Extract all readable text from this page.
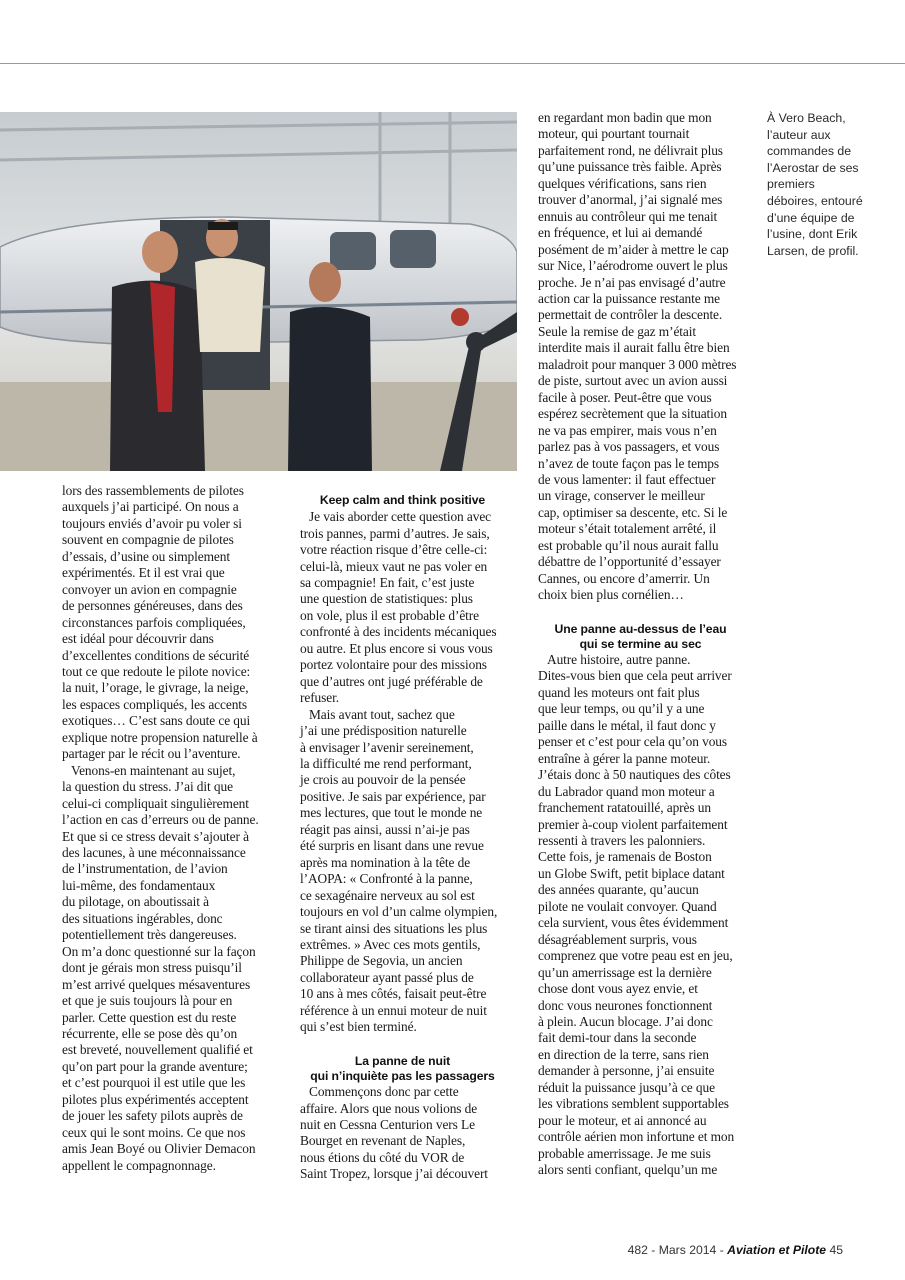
À Vero Beach, l’auteur aux commandes de l’Aerostar de ses premiers déboires, entouré d’une équipe de l’usine, dont Erik Larsen, de profil.

lors des rassemblements de pilotes
auxquels j’ai participé. On nous a
toujours enviés d’avoir pu voler si
souvent en compagnie de pilotes
d’essais, d’usine ou simplement
expérimentés. Et il est vrai que
convoyer un avion en compagnie
de personnes généreuses, dans des
circonstances parfois compliquées,
est idéal pour découvrir dans
d’excellentes conditions de sécurité
tout ce que redoute le pilote novice:
la nuit, l’orage, le givrage, la neige,
les espaces compliqués, les accents
exotiques… C’est sans doute ce qui
explique notre propension naturelle à
partager par le récit ou l’aventure.

Venons-en maintenant au sujet,
la question du stress. J’ai dit que
celui-ci compliquait singulièrement
l’action en cas d’erreurs ou de panne.
Et que si ce stress devait s’ajouter à
des lacunes, à une méconnaissance
de l’instrumentation, de l’avion
lui-même, des fondamentaux
du pilotage, on aboutissait à
des situations ingérables, donc
potentiellement très dangereuses.
On m’a donc questionné sur la façon
dont je gérais mon stress puisqu’il
m’est arrivé quelques mésaventures
et que je suis toujours là pour en
parler. Cette question est du reste
récurrente, elle se pose dès qu’on
est breveté, nouvellement qualifié et
qu’on part pour la grande aventure;
et c’est pourquoi il est utile que les
pilotes plus expérimentés acceptent
de jouer les safety pilots auprès de
ceux qui le sont moins. Ce que nos
amis Jean Boyé ou Olivier Demacon
appellent le compagnonnage.

Keep calm and think positive

Je vais aborder cette question avec
trois pannes, parmi d’autres. Je sais,
votre réaction risque d’être celle-ci:
celui-là, mieux vaut ne pas voler en
sa compagnie! En fait, c’est juste
une question de statistiques: plus
on vole, plus il est probable d’être
confronté à des incidents mécaniques
ou autre. Et plus encore si vous vous
portez volontaire pour des missions
que d’autres ont jugé préférable de
refuser.

Mais avant tout, sachez que
j’ai une prédisposition naturelle
à envisager l’avenir sereinement,
la difficulté me rend performant,
je crois au pouvoir de la pensée
positive. Je sais par expérience, par
mes lectures, que tout le monde ne
réagit pas ainsi, aussi n’ai-je pas
été surpris en lisant dans une revue
après ma nomination à la tête de
l’AOPA: « Confronté à la panne,
ce sexagénaire nerveux au sol est
toujours en vol d’un calme olympien,
se tirant ainsi des situations les plus
extrêmes. » Avec ces mots gentils,
Philippe de Segovia, un ancien
collaborateur ayant passé plus de
10 ans à mes côtés, faisait peut-être
référence à un ennui moteur de nuit
qui s’est bien terminé.

La panne de nuit
qui n’inquiète pas les passagers

Commençons donc par cette
affaire. Alors que nous volions de
nuit en Cessna Centurion vers Le
Bourget en revenant de Naples,
nous étions du côté du VOR de
Saint Tropez, lorsque j’ai découvert

en regardant mon badin que mon
moteur, qui pourtant tournait
parfaitement rond, ne délivrait plus
qu’une puissance très faible. Après
quelques vérifications, sans rien
trouver d’anormal, j’ai signalé mes
ennuis au contrôleur qui me tenait
en fréquence, et lui ai demandé
posément de m’aider à mettre le cap
sur Nice, l’aérodrome ouvert le plus
proche. Je n’ai pas envisagé d’autre
action car la puissance restante me
permettait de contrôler la descente.
Seule la remise de gaz m’était
interdite mais il aurait fallu être bien
maladroit pour manquer 3 000 mètres
de piste, surtout avec un avion aussi
facile à poser. Peut-être que vous
espérez secrètement que la situation
ne va pas empirer, mais vous n’en
parlez pas à vos passagers, et vous
n’avez de toute façon pas le temps
de vous lamenter: il faut effectuer
un virage, conserver le meilleur
cap, optimiser sa descente, etc. Si le
moteur s’était totalement arrêté, il
est probable qu’il nous aurait fallu
débattre de l’opportunité d’essayer
Cannes, ou encore d’amerrir. Un
choix bien plus cornélien…

Une panne au-dessus de l’eau
qui se termine au sec

Autre histoire, autre panne.
Dites-vous bien que cela peut arriver
quand les moteurs ont fait plus
que leur temps, ou qu’il y a une
paille dans le métal, il faut donc y
penser et c’est pour cela qu’on vous
entraîne à gérer la panne moteur.
J’étais donc à 50 nautiques des côtes
du Labrador quand mon moteur a
franchement ratatouillé, après un
premier à-coup violent parfaitement
ressenti à travers les palonniers.
Cette fois, je ramenais de Boston
un Globe Swift, petit biplace datant
des années quarante, qu’aucun
pilote ne voulait convoyer. Quand
cela survient, vous êtes évidemment
désagréablement surpris, vous
comprenez que votre peau est en jeu,
qu’un amerrissage est la dernière
chose dont vous ayez envie, et
donc vous neurones fonctionnent
à plein. Aucun blocage. J’ai donc
fait demi-tour dans la seconde
en direction de la terre, sans rien
demander à personne, j’ai ensuite
réduit la puissance jusqu’à ce que
les vibrations semblent supportables
pour le moteur, et ai annoncé au
contrôle aérien mon infortune et mon
probable amerrissage. Je me suis
alors senti confiant, quelqu’un me

482 - Mars 2014 - Aviation et Pilote 45
